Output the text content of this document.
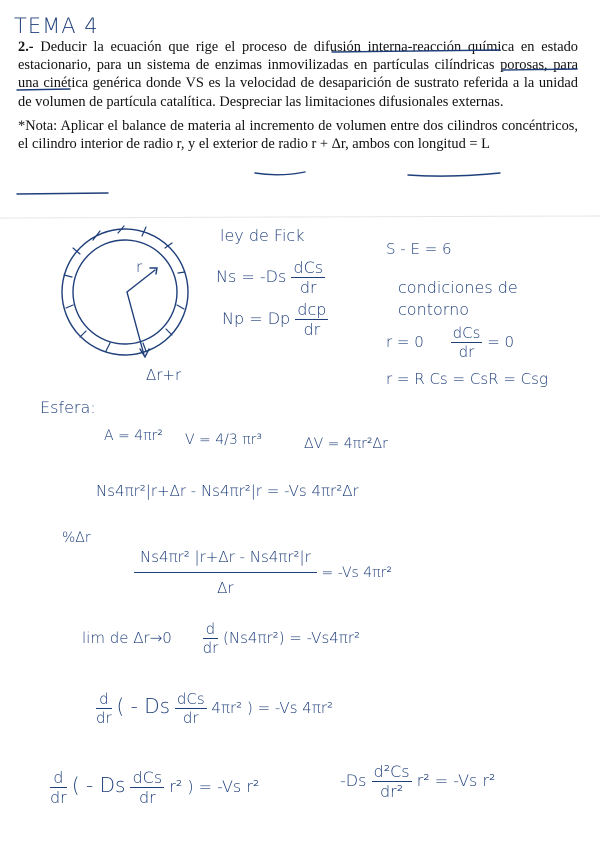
TEMA 4

2.- Deducir la ecuación que rige el proceso de difusión interna-reacción química en estado estacionario, para un sistema de enzimas inmovilizadas en partículas cilíndricas porosas, para una cinética genérica donde VS es la velocidad de desaparición de sustrato referida a la unidad de volumen de partícula catalítica. Despreciar las limitaciones difusionales externas.

*Nota: Aplicar el balance de materia al incremento de volumen entre dos cilindros concéntricos, el cilindro interior de radio r, y el exterior de radio r + Δr, ambos con longitud = L

r
Δr+r
ley de Fick
$Ns = -Ds \frac{\text{dCs}}{dr}$
Np = Dp $\frac{\text{dcp}}{dr}$
S - E = 6
condiciones de
contorno
$r = 0 \frac{\text{dCs}}{dr} = 0$
r = R Cs = CsR = Csg
Esfera:
A = 4πr² V = 4/3 πr³	ΔV = 4πr²Δr
Ns4πr²|r+Δr - Ns4πr²|r = -Vs 4πr²Δr
%Δr
$\frac{\text{Ns4πr² |r+Δr - Ns4πr²|r}}{\Delta r} = -Vs$ 4πr²
lim de $\Delta r\to 0 \frac{d}{dr} (Ns4\pi r^2) = -Vs4\pi r^2$
$\frac{d}{dr}$ ( - Ds $\frac{\text{dCs}}{dr} 4\pi r^2$ ) = -Vs 4πr²
$\frac{d}{dr}$ ( - Ds $\frac{\text{dCs}}{dr} r^2$ ) = -Vs r²	$-Ds \frac{\text{d²Cs}}{\text{dr²}} r^2 = -Vs$ r²
